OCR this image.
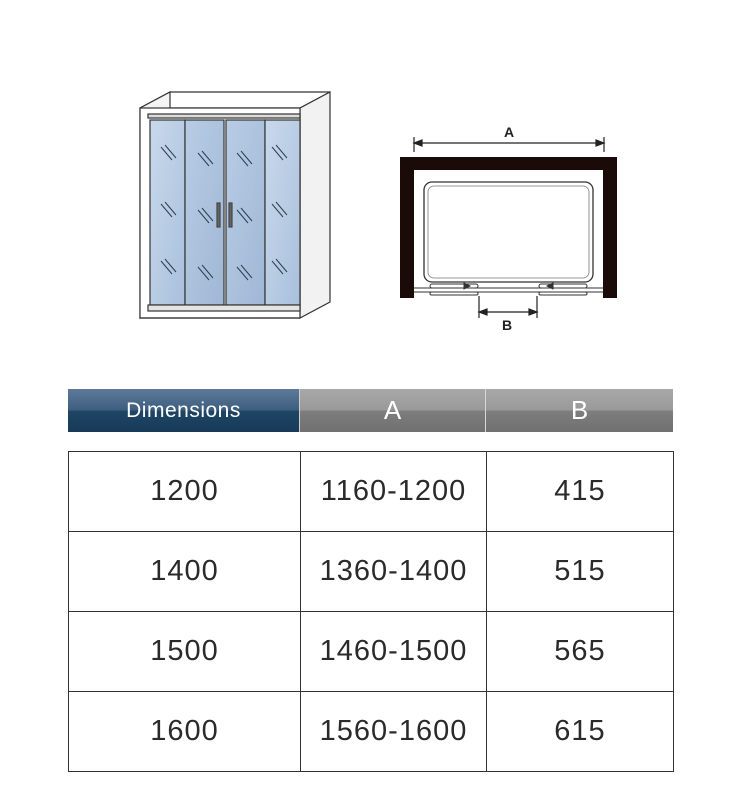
A
B
Dimensions	A	B
1200	1160-1200	415
1400	1360-1400	515
1500	1460-1500	565
1600	1560-1600	615
